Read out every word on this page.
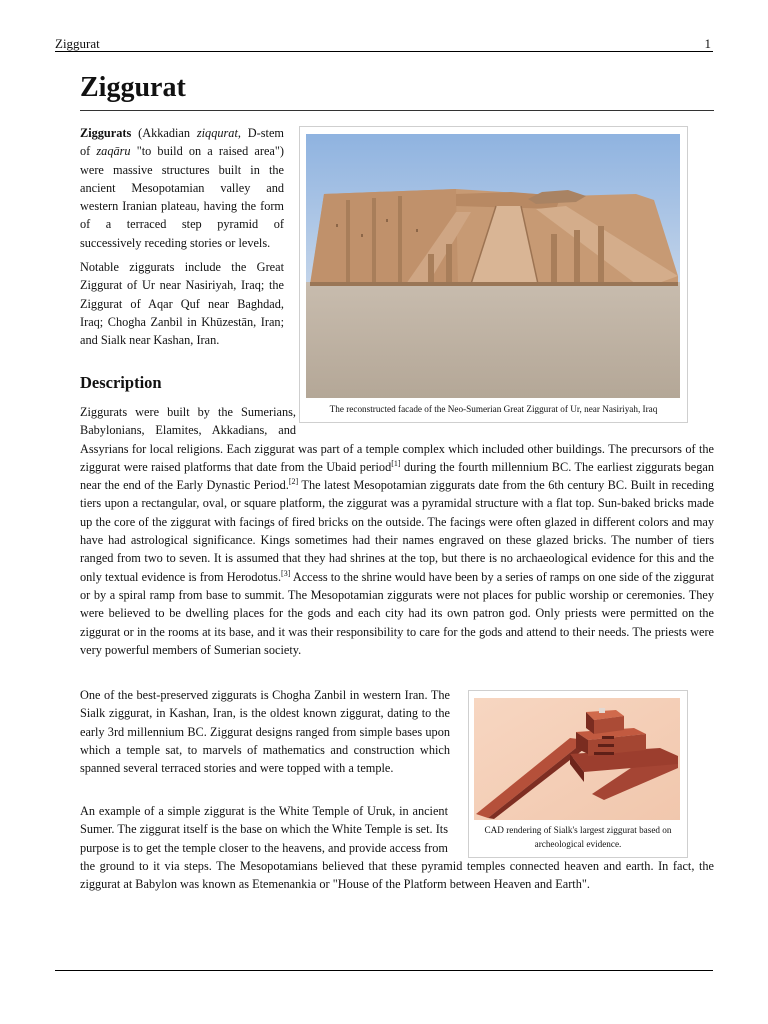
Ziggurat	1
Ziggurat

Ziggurats (Akkadian ziqqurat, D-stem of zaqāru "to build on a raised area") were massive structures built in the ancient Mesopotamian valley and western Iranian plateau, having the form of a terraced step pyramid of successively receding stories or levels.

Notable ziggurats include the Great Ziggurat of Ur near Nasiriyah, Iraq; the Ziggurat of Aqar Quf near Baghdad, Iraq; Chogha Zanbil in Khūzestān, Iran; and Sialk near Kashan, Iran.

The reconstructed facade of the Neo-Sumerian Great Ziggurat of Ur, near Nasiriyah, Iraq
Description

Ziggurats were built by the Sumerians, Babylonians, Elamites, Akkadians, and Assyrians for local religions. Each ziggurat was part of a temple complex which included other buildings. The precursors of the ziggurat were raised platforms that date from the Ubaid period[1] during the fourth millennium BC. The earliest ziggurats began near the end of the Early Dynastic Period.[2] The latest Mesopotamian ziggurats date from the 6th century BC. Built in receding tiers upon a rectangular, oval, or square platform, the ziggurat was a pyramidal structure with a flat top. Sun-baked bricks made up the core of the ziggurat with facings of fired bricks on the outside. The facings were often glazed in different colors and may have had astrological significance. Kings sometimes had their names engraved on these glazed bricks. The number of tiers ranged from two to seven. It is assumed that they had shrines at the top, but there is no archaeological evidence for this and the only textual evidence is from Herodotus.[3] Access to the shrine would have been by a series of ramps on one side of the ziggurat or by a spiral ramp from base to summit. The Mesopotamian ziggurats were not places for public worship or ceremonies. They were believed to be dwelling places for the gods and each city had its own patron god. Only priests were permitted on the ziggurat or in the rooms at its base, and it was their responsibility to care for the gods and attend to their needs. The priests were very powerful members of Sumerian society.

CAD rendering of Sialk's largest ziggurat based on archeological evidence.

One of the best-preserved ziggurats is Chogha Zanbil in western Iran. The Sialk ziggurat, in Kashan, Iran, is the oldest known ziggurat, dating to the early 3rd millennium BC. Ziggurat designs ranged from simple bases upon which a temple sat, to marvels of mathematics and construction which spanned several terraced stories and were topped with a temple.

An example of a simple ziggurat is the White Temple of Uruk, in ancient Sumer. The ziggurat itself is the base on which the White Temple is set. Its purpose is to get the temple closer to the heavens, and provide access from the ground to it via steps. The Mesopotamians believed that these pyramid temples connected heaven and earth. In fact, the ziggurat at Babylon was known as Etemenankia or "House of the Platform between Heaven and Earth".
